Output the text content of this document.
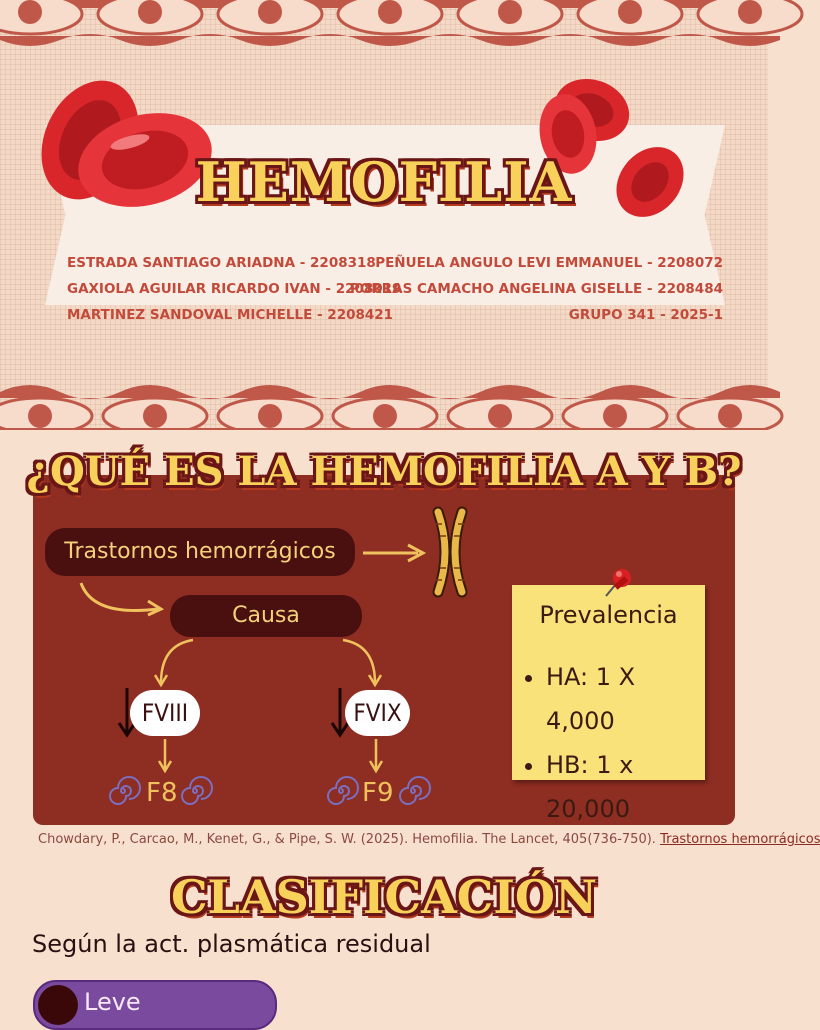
HEMOFILIA
ESTRADA SANTIAGO ARIADNA - 2208318
GAXIOLA AGUILAR RICARDO IVAN - 2208019
MARTINEZ SANDOVAL MICHELLE - 2208421
PEÑUELA ANGULO LEVI EMMANUEL - 2208072
PORRAS CAMACHO ANGELINA GISELLE - 2208484
GRUPO 341 - 2025-1
¿QUÉ ES LA HEMOFILIA A Y B?
Trastornos hemorrágicos
Causa
FVIII	FVIX
F8	F9
Prevalencia
• HA: 1 X 4,000
• HB: 1 x 20,000
Chowdary, P., Carcao, M., Kenet, G., & Pipe, S. W. (2025). Hemofilia. The Lancet, 405(736-750). Trastornos hemorrágicos
CLASIFICACIÓN
Según la act. plasmática residual
Leve
